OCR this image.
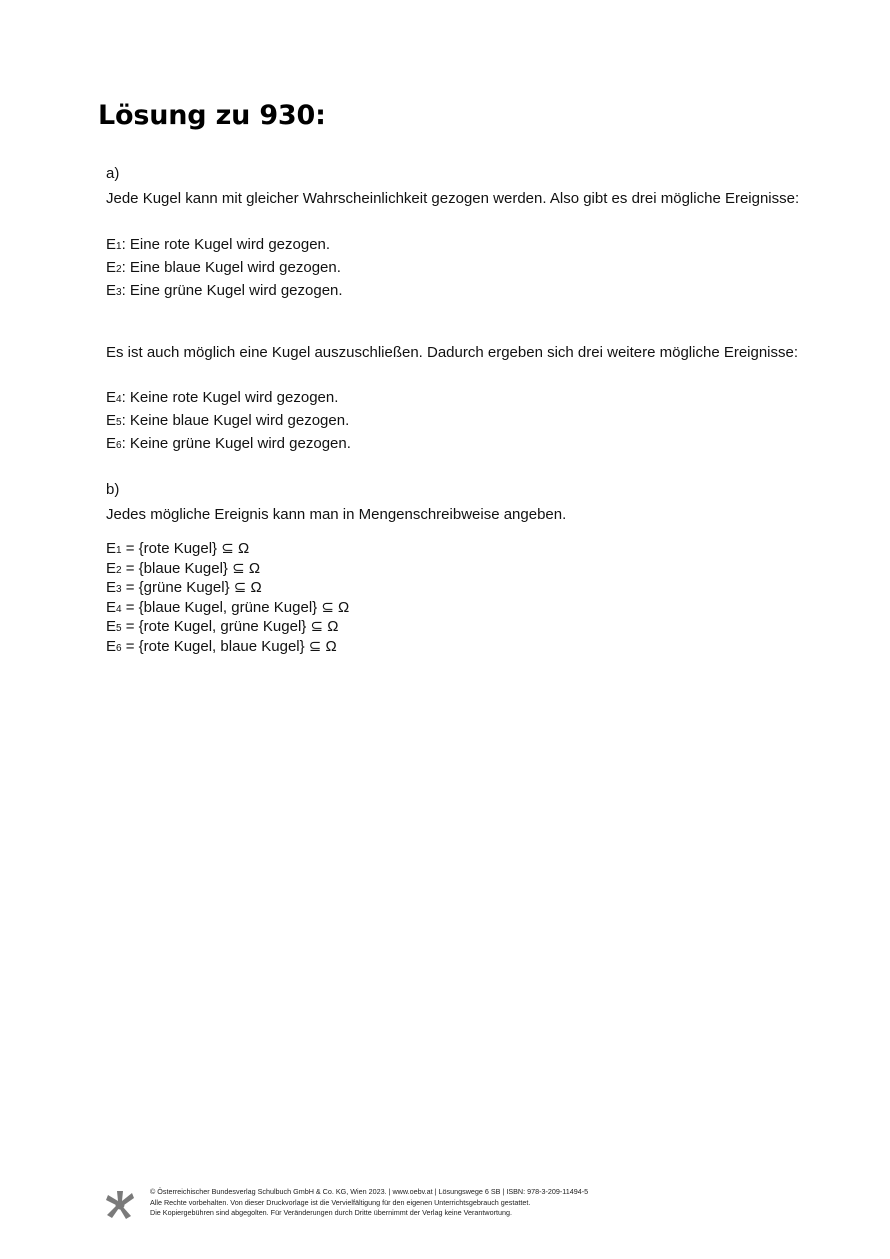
Lösung zu 930:

a)

Jede Kugel kann mit gleicher Wahrscheinlichkeit gezogen werden. Also gibt es drei mögliche Ereignisse:

E1: Eine rote Kugel wird gezogen.
E2: Eine blaue Kugel wird gezogen.
E3: Eine grüne Kugel wird gezogen.

Es ist auch möglich eine Kugel auszuschließen. Dadurch ergeben sich drei weitere mögliche Ereignisse:

E4: Keine rote Kugel wird gezogen.
E5: Keine blaue Kugel wird gezogen.
E6: Keine grüne Kugel wird gezogen.

b)

Jedes mögliche Ereignis kann man in Mengenschreibweise angeben.

E1 = {rote Kugel} ⊆ Ω
E2 = {blaue Kugel} ⊆ Ω
E3 = {grüne Kugel} ⊆ Ω
E4 = {blaue Kugel, grüne Kugel} ⊆ Ω
E5 = {rote Kugel, grüne Kugel} ⊆ Ω
E6 = {rote Kugel, blaue Kugel} ⊆ Ω
© Österreichischer Bundesverlag Schulbuch GmbH & Co. KG, Wien 2023. | www.oebv.at | Lösungswege 6 SB | ISBN: 978-3-209-11494-5
Alle Rechte vorbehalten. Von dieser Druckvorlage ist die Vervielfältigung für den eigenen Unterrichtsgebrauch gestattet.
Die Kopiergebühren sind abgegolten. Für Veränderungen durch Dritte übernimmt der Verlag keine Verantwortung.
